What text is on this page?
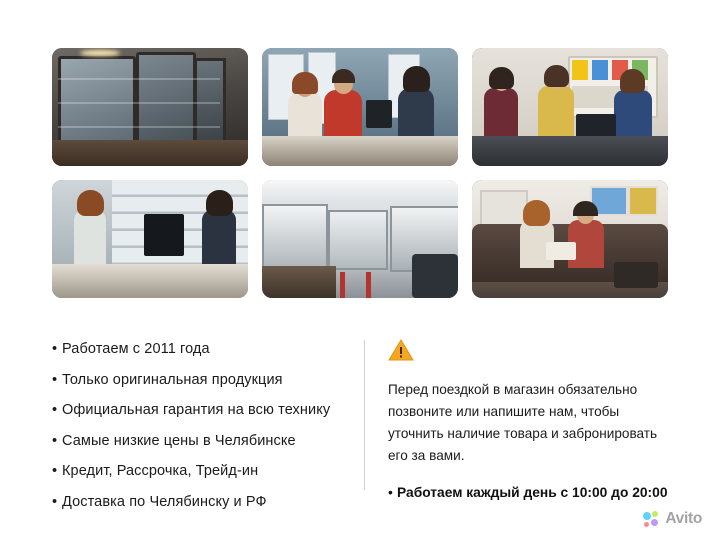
• Работаем с 2011 года
• Только оригинальная продукция
• Официальная гарантия на всю технику
• Самые низкие цены в Челябинске
• Кредит, Рассрочка, Трейд-ин
• Доставка по Челябинску и РФ
Перед поездкой в магазин обязательно позвоните или напишите нам, чтобы уточнить наличие товара и забронировать его за вами.
• Работаем каждый день с 10:00 до 20:00
Avito
